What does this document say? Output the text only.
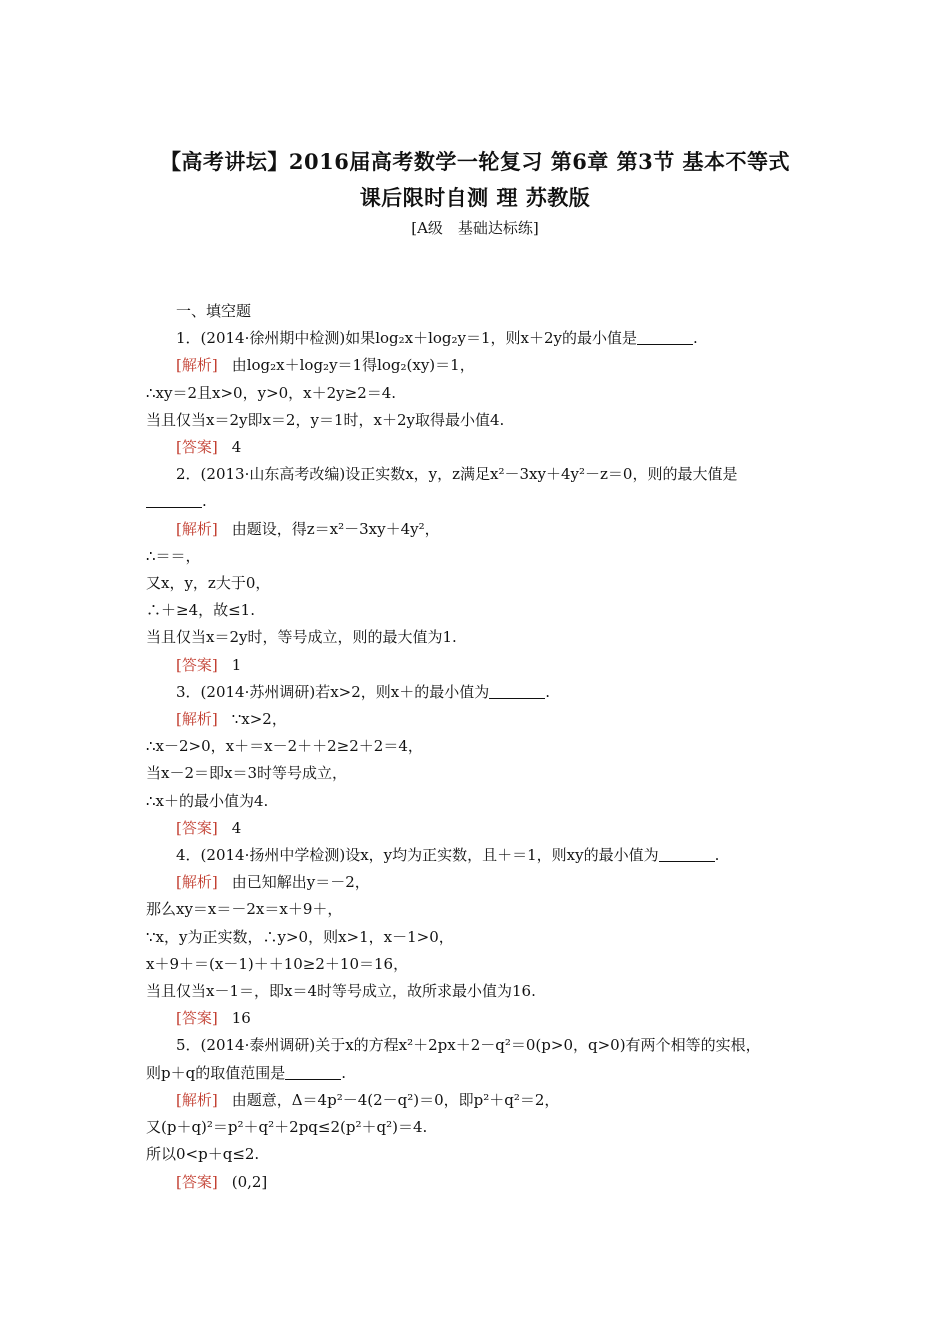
【高考讲坛】2016届高考数学一轮复习 第6章 第3节 基本不等式
课后限时自测 理 苏教版
[A级　基础达标练]
一、填空题
1．(2014·徐州期中检测)如果log₂x＋log₂y＝1，则x＋2y的最小值是	.
[解析] 由log₂x＋log₂y＝1得log₂(xy)＝1，
∴xy＝2且x>0，y>0，x＋2y≥2＝4.
当且仅当x＝2y即x＝2，y＝1时，x＋2y取得最小值4.
[答案] 4
2．(2013·山东高考改编)设正实数x，y，z满足x²－3xy＋4y²－z＝0，则的最大值是
.
[解析] 由题设，得z＝x²－3xy＋4y²，
∴＝＝，
又x，y，z大于0，
∴＋≥4，故≤1.
当且仅当x＝2y时，等号成立，则的最大值为1.
[答案] 1
3．(2014·苏州调研)若x>2，则x＋的最小值为	.
[解析] ∵x>2，
∴x－2>0，x＋＝x－2＋＋2≥2＋2＝4，
当x－2＝即x＝3时等号成立，
∴x＋的最小值为4.
[答案] 4
4．(2014·扬州中学检测)设x，y均为正实数，且＋＝1，则xy的最小值为	.
[解析] 由已知解出y＝－2，
那么xy＝x＝－2x＝x＋9＋，
∵x，y为正实数，∴y>0，则x>1，x－1>0，
x＋9＋＝(x－1)＋＋10≥2＋10＝16，
当且仅当x－1＝，即x＝4时等号成立，故所求最小值为16.
[答案] 16
5．(2014·泰州调研)关于x的方程x²＋2px＋2－q²＝0(p>0，q>0)有两个相等的实根，
则p＋q的取值范围是	.
[解析] 由题意，Δ＝4p²－4(2－q²)＝0，即p²＋q²＝2，
又(p＋q)²＝p²＋q²＋2pq≤2(p²＋q²)＝4.
所以0<p＋q≤2.
[答案] (0,2]
